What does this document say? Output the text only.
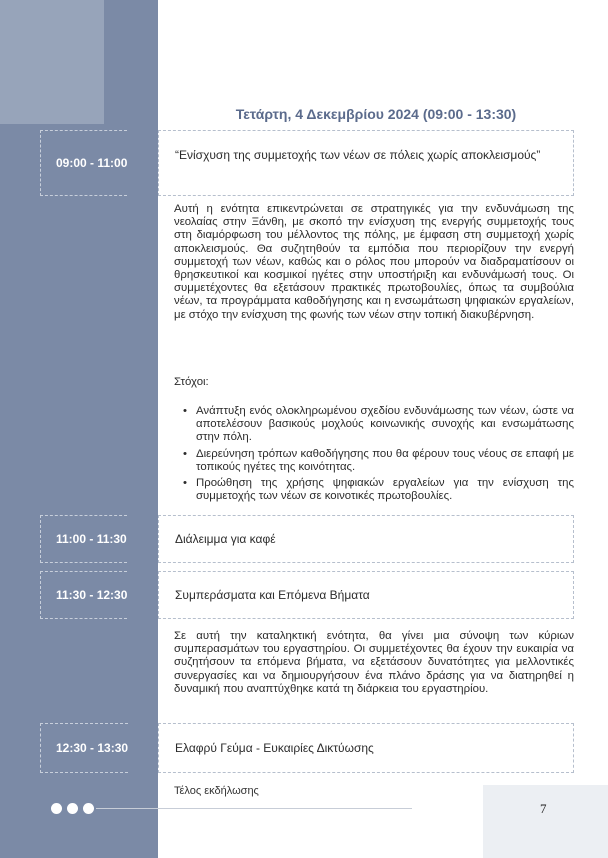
Τετάρτη, 4 Δεκεμβρίου 2024 (09:00 - 13:30)
09:00 - 11:00
“Ενίσχυση της συμμετοχής των νέων σε πόλεις χωρίς αποκλεισμούς”
Αυτή η ενότητα επικεντρώνεται σε στρατηγικές για την ενδυνάμωση της νεολαίας στην Ξάνθη, με σκοπό την ενίσχυση της ενεργής συμμετοχής τους στη διαμόρφωση του μέλλοντος της πόλης, με έμφαση στη συμμετοχή χωρίς αποκλεισμούς. Θα συζητηθούν τα εμπόδια που περιορίζουν την ενεργή συμμετοχή των νέων, καθώς και ο ρόλος που μπορούν να διαδραματίσουν οι θρησκευτικοί και κοσμικοί ηγέτες στην υποστήριξη και ενδυνάμωσή τους. Οι συμμετέχοντες θα εξετάσουν πρακτικές πρωτοβουλίες, όπως τα συμβούλια νέων, τα προγράμματα καθοδήγησης και η ενσωμάτωση ψηφιακών εργαλείων, με στόχο την ενίσχυση της φωνής των νέων στην τοπική διακυβέρνηση.
Στόχοι:
• Ανάπτυξη ενός ολοκληρωμένου σχεδίου ενδυνάμωσης των νέων, ώστε να αποτελέσουν βασικούς μοχλούς κοινωνικής συνοχής και ενσωμάτωσης στην πόλη.
• Διερεύνηση τρόπων καθοδήγησης που θα φέρουν τους νέους σε επαφή με τοπικούς ηγέτες της κοινότητας.
• Προώθηση της χρήσης ψηφιακών εργαλείων για την ενίσχυση της συμμετοχής των νέων σε κοινοτικές πρωτοβουλίες.
11:00 - 11:30	Διάλειμμα για καφέ
11:30 - 12:30	Συμπεράσματα και Επόμενα Βήματα
Σε αυτή την καταληκτική ενότητα, θα γίνει μια σύνοψη των κύριων συμπερασμάτων του εργαστηρίου. Οι συμμετέχοντες θα έχουν την ευκαιρία να συζητήσουν τα επόμενα βήματα, να εξετάσουν δυνατότητες για μελλοντικές συνεργασίες και να δημιουργήσουν ένα πλάνο δράσης για να διατηρηθεί η δυναμική που αναπτύχθηκε κατά τη διάρκεια του εργαστηρίου.
12:30 - 13:30	Ελαφρύ Γεύμα - Ευκαιρίες Δικτύωσης
Τέλος εκδήλωσης
7
